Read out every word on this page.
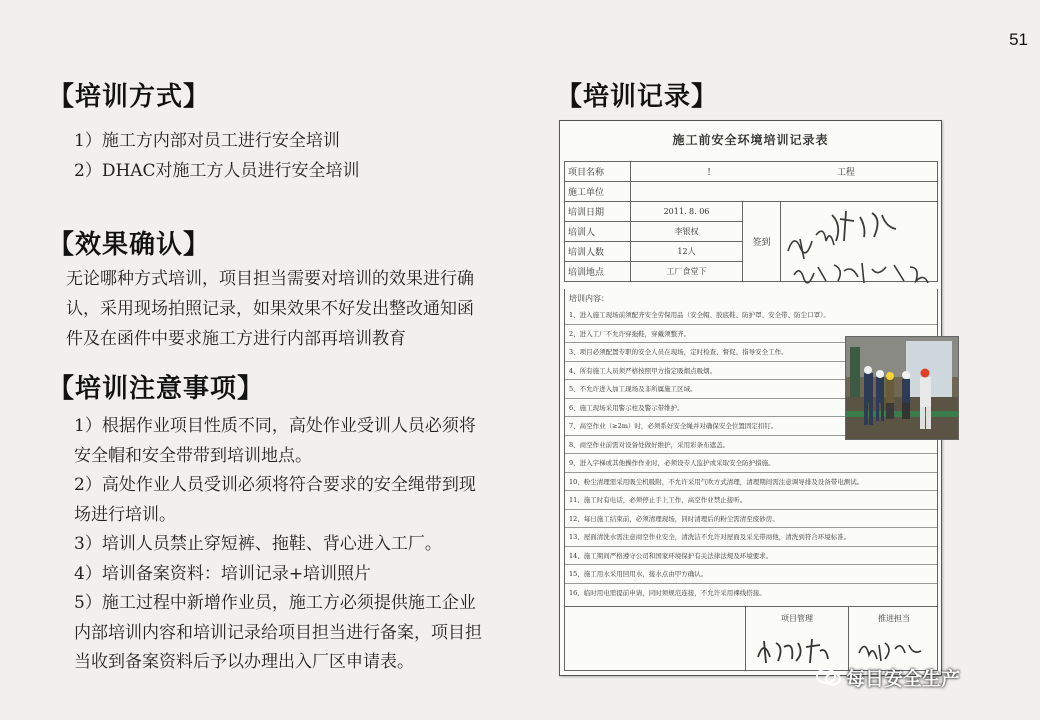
51
【培训方式】
1）施工方内部对员工进行安全培训
2）DHAC对施工方人员进行安全培训
【效果确认】
无论哪种方式培训，项目担当需要对培训的效果进行确
认，采用现场拍照记录，如果效果不好发出整改通知函
件及在函件中要求施工方进行内部再培训教育
【培训注意事项】
1）根据作业项目性质不同，高处作业受训人员必须将
安全帽和安全带带到培训地点。
2）高处作业人员受训必须将符合要求的安全绳带到现
场进行培训。
3）培训人员禁止穿短裤、拖鞋、背心进入工厂。
4）培训备案资料：培训记录+培训照片
5）施工过程中新增作业员，施工方必须提供施工企业
内部培训内容和培训记录给项目担当进行备案，项目担
当收到备案资料后予以办理出入厂区申请表。
【培训记录】
施工前安全环境培训记录表
项目名称	! 工程		
施工单位			
培训日期	2011. 8. 06	签到	
培训人	李银权		
培训人数	12人		
培训地点	工厂食堂下		
培训内容：
1、进入施工现场前须配齐安全劳保用品（安全帽、胶底鞋、防护罩、安全带、防尘口罩）。
2、进入工厂不允许穿拖鞋，穿戴须整齐。
3、项目必须配置专职的安全人员在现场，定时检查、督促、指导安全工作。
4、所有施工人员须严格按照甲方指定吸烟点吸烟。
5、不允许进入加工现场及非所属施工区域。
6、施工现场采用警示柱及警示带维护。
7、高空作业（≥2m）时，必须系好安全绳并对确保安全位置固定扣钉。
8、商空作业前需对设备处做好维护，采用彩条布遮盖。
9、进入字梯或其他操作作业时，必须设专人监护或采取安全防护措施。
10、粉尘清理需采用吸尘机吸附，不允许采用气吹方式清理，清理期间需注意调导排及设备带电测试。
11、施工时有电话，必须停止手上工作，高空作业禁止接听。
12、每日施工结束前，必须清理现场，同时清理后的粉尘需清至废砂房。
13、屋面清洗水需注意商空作业安全，清洗洁不允许对屋面及采光带商他，清洗到符合环境标准。
14、施工期间严格遵守公司和国家环境保护有关法律法规及环境要求。
15、施工用水采用回用水，接水点由甲方确认。
16、临时用电需提前申请，同时须规范连接，不允许采用裸线搭接。
项目管理	推进担当
每日安全生产
